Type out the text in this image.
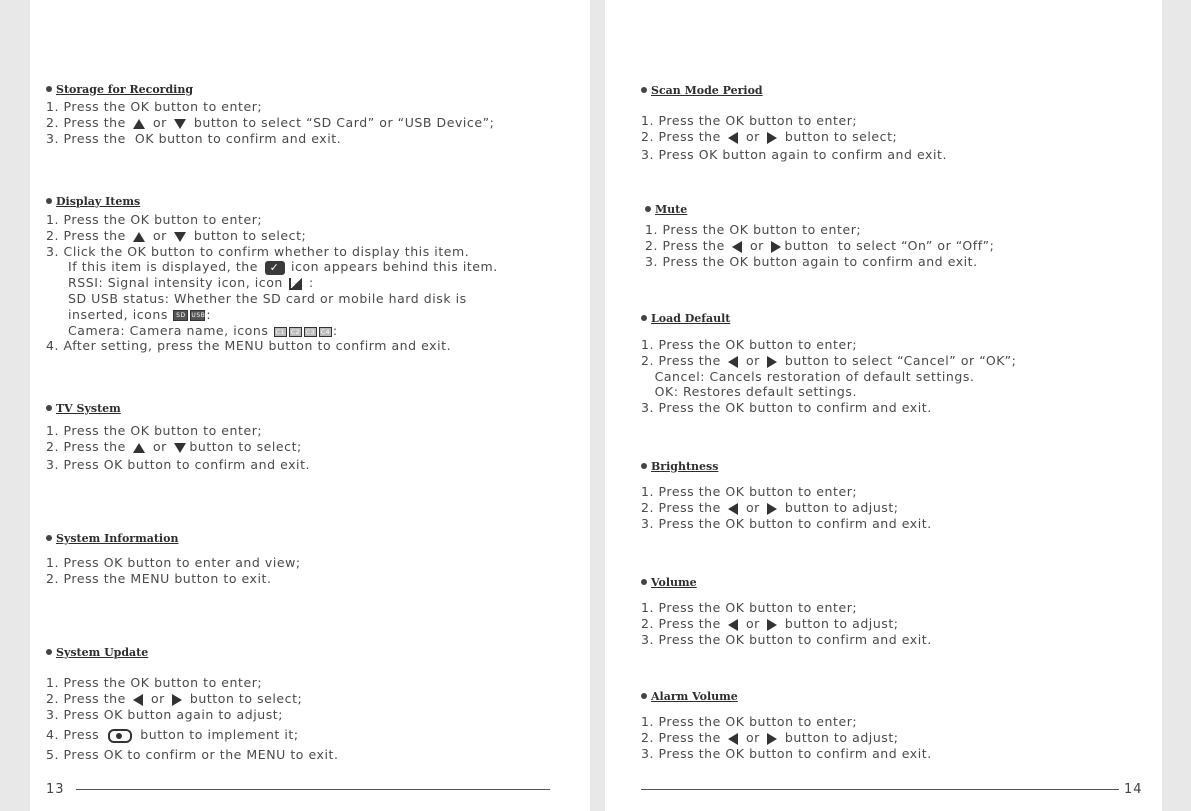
13	14
Storage for Recording
1. Press the OK button to enter;
2. Press the  or  button to select “SD Card” or “USB Device”;
3. Press the  OK button to confirm and exit.
Display Items
1. Press the OK button to enter;
2. Press the  or  button to select;
3. Click the OK button to confirm whether to display this item.
TV System
1. Press the OK button to enter;
2. Press the  or button to select;
3. Press OK button to confirm and exit.
System Information
1. Press OK button to enter and view;
2. Press the MENU button to exit.
System Update
1. Press the OK button to enter;
2. Press the  or  button to select;
3. Press OK button again to adjust;
4. Press	button to implement it;
5. Press OK to confirm or the MENU to exit.
Scan Mode Period
1. Press the OK button to enter;
2. Press the  or  button to select;
3. Press OK button again to confirm and exit.
Mute
1. Press the OK button to enter;
2. Press the  or button  to select “On” or “Off”;
3. Press the OK button again to confirm and exit.
Load Default
1. Press the OK button to enter;
2. Press the  or  button to select “Cancel” or “OK”;
Cancel: Cancels restoration of default settings.
OK: Restores default settings.
3. Press the OK button to confirm and exit.
Brightness
1. Press the OK button to enter;
2. Press the  or  button to adjust;
3. Press the OK button to confirm and exit.
Volume
1. Press the OK button to enter;
2. Press the  or  button to adjust;
3. Press the OK button to confirm and exit.
Alarm Volume
1. Press the OK button to enter;
2. Press the  or  button to adjust;
3. Press the OK button to confirm and exit.
If this item is displayed, the ✓ icon appears behind this item.
RSSI: Signal intensity icon, icon  :
SD USB status: Whether the SD card or mobile hard disk is
inserted, icons SD USB:
Camera: Camera name, icons C1 C2 C3 C4 :
4. After setting, press the MENU button to confirm and exit.
